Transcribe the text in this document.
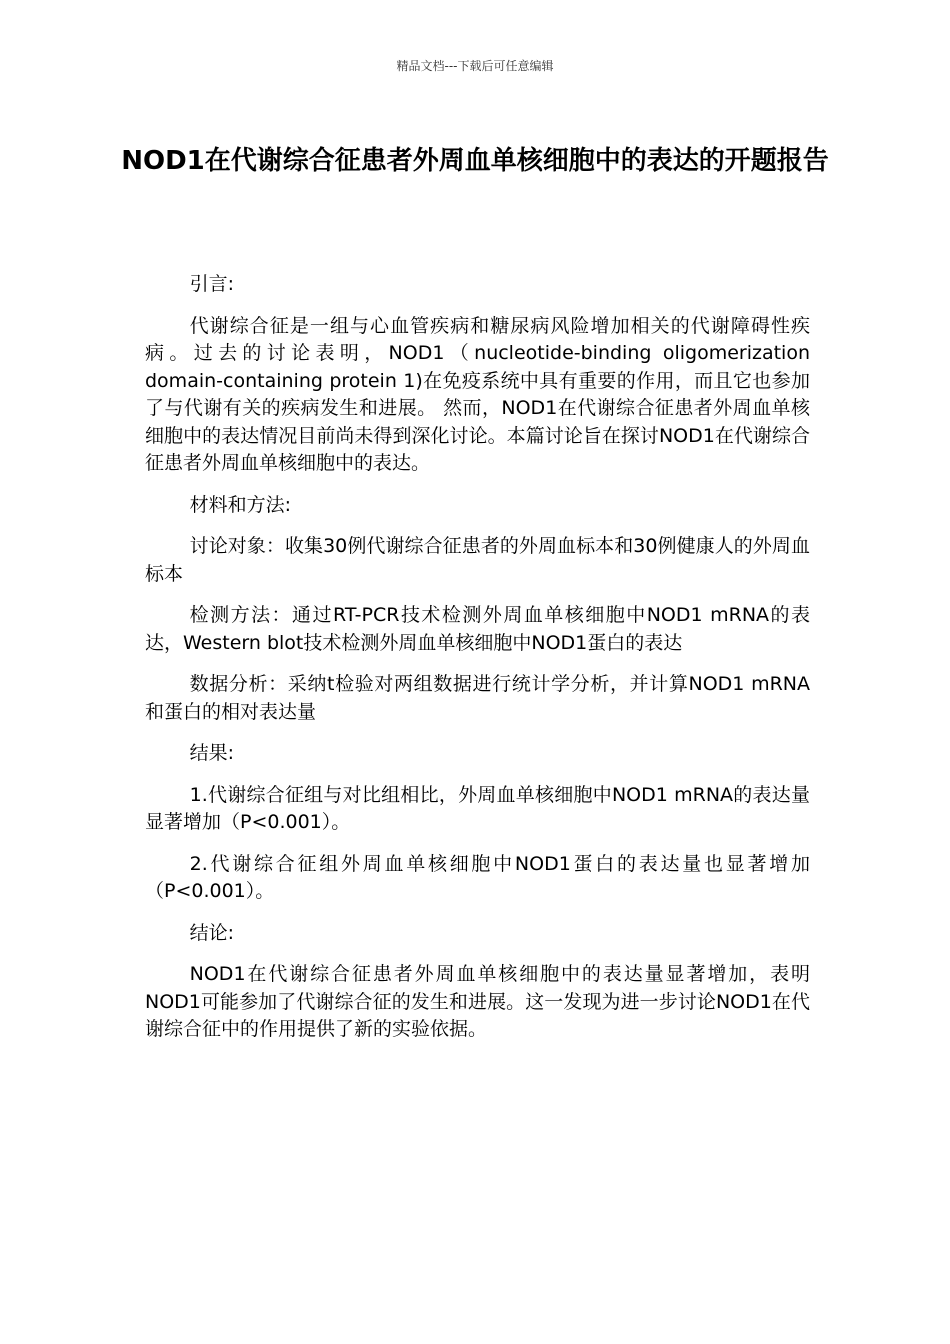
精品文档---下载后可任意编辑
NOD1在代谢综合征患者外周血单核细胞中的表达的开题报告

引言:

代谢综合征是一组与心血管疾病和糖尿病风险增加相关的代谢障碍性疾病。过去的讨论表明，NOD1（nucleotide-binding oligomerization domain-containing protein 1)在免疫系统中具有重要的作用，而且它也参加了与代谢有关的疾病发生和进展。 然而，NOD1在代谢综合征患者外周血单核细胞中的表达情况目前尚未得到深化讨论。本篇讨论旨在探讨NOD1在代谢综合征患者外周血单核细胞中的表达。

材料和方法:

讨论对象：收集30例代谢综合征患者的外周血标本和30例健康人的外周血标本

检测方法：通过RT-PCR技术检测外周血单核细胞中NOD1 mRNA的表达，Western blot技术检测外周血单核细胞中NOD1蛋白的表达

数据分析：采纳t检验对两组数据进行统计学分析，并计算NOD1 mRNA和蛋白的相对表达量

结果:

1.代谢综合征组与对比组相比，外周血单核细胞中NOD1 mRNA的表达量显著增加（P<0.001）。

2.代谢综合征组外周血单核细胞中NOD1蛋白的表达量也显著增加（P<0.001）。

结论:

NOD1在代谢综合征患者外周血单核细胞中的表达量显著增加，表明NOD1可能参加了代谢综合征的发生和进展。这一发现为进一步讨论NOD1在代谢综合征中的作用提供了新的实验依据。
